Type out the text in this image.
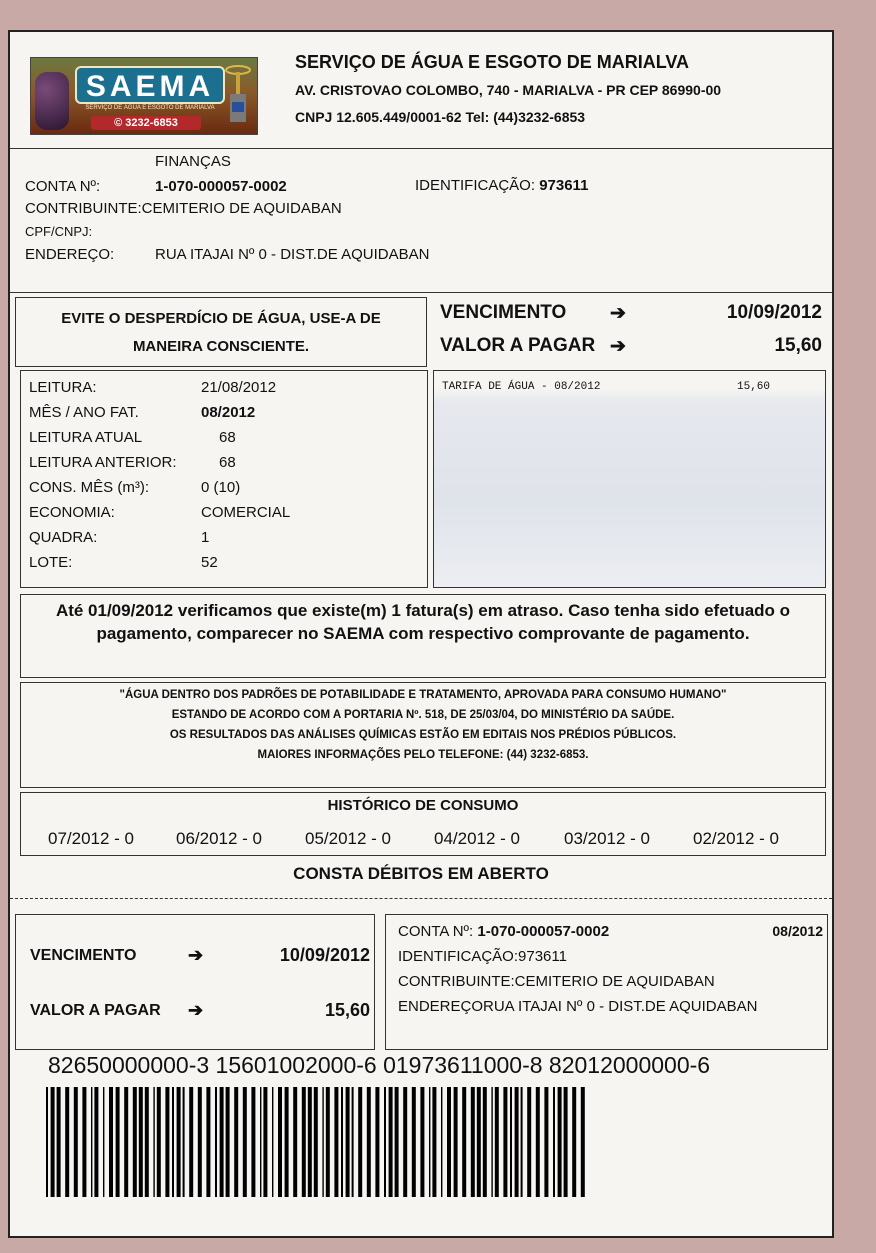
SAEMA
SERVIÇO DE ÁGUA E ESGOTO DE MARIALVA
© 3232-6853
SERVIÇO DE ÁGUA E ESGOTO DE MARIALVA
AV. CRISTOVAO COLOMBO, 740 - MARIALVA - PR CEP 86990-00
CNPJ 12.605.449/0001-62 Tel: (44)3232-6853
FINANÇAS
CONTA Nº:	1-070-000057-0002	IDENTIFICAÇÃO: 973611
CONTRIBUINTE:CEMITERIO DE AQUIDABAN
CPF/CNPJ:
ENDEREÇO:	RUA ITAJAI Nº 0 - DIST.DE AQUIDABAN
EVITE O DESPERDÍCIO DE ÁGUA, USE-A DE
MANEIRA CONSCIENTE.
VENCIMENTO ➔	10/09/2012
VALOR A PAGAR ➔	15,60
LEITURA:	21/08/2012
MÊS / ANO FAT.	08/2012
LEITURA ATUAL	68
LEITURA ANTERIOR:	68
CONS. MÊS (m³):	0 (10)
ECONOMIA:	COMERCIAL
QUADRA:	1
LOTE:	52
TARIFA DE ÁGUA - 08/2012	15,60
Até 01/09/2012 verificamos que existe(m) 1 fatura(s) em atraso. Caso tenha sido efetuado o pagamento, comparecer no SAEMA com respectivo comprovante de pagamento.
"ÁGUA DENTRO DOS PADRÕES DE POTABILIDADE E TRATAMENTO, APROVADA PARA CONSUMO HUMANO"
ESTANDO DE ACORDO COM A PORTARIA Nº. 518, DE 25/03/04, DO MINISTÉRIO DA SAÚDE.
OS RESULTADOS DAS ANÁLISES QUÍMICAS ESTÃO EM EDITAIS NOS PRÉDIOS PÚBLICOS.
MAIORES INFORMAÇÕES PELO TELEFONE: (44) 3232-6853.
HISTÓRICO DE CONSUMO
07/2012 - 0 06/2012 - 0	05/2012 - 0	04/2012 - 0	03/2012 - 0	02/2012 - 0
CONSTA DÉBITOS EM ABERTO
VENCIMENTO	➔	10/09/2012
VALOR A PAGAR ➔	15,60
CONTA Nº: 1-070-000057-0002	08/2012
IDENTIFICAÇÃO:973611
CONTRIBUINTE:CEMITERIO DE AQUIDABAN
ENDEREÇORUA ITAJAI Nº 0 - DIST.DE AQUIDABAN
82650000000-3 15601002000-6 01973611000-8 82012000000-6
